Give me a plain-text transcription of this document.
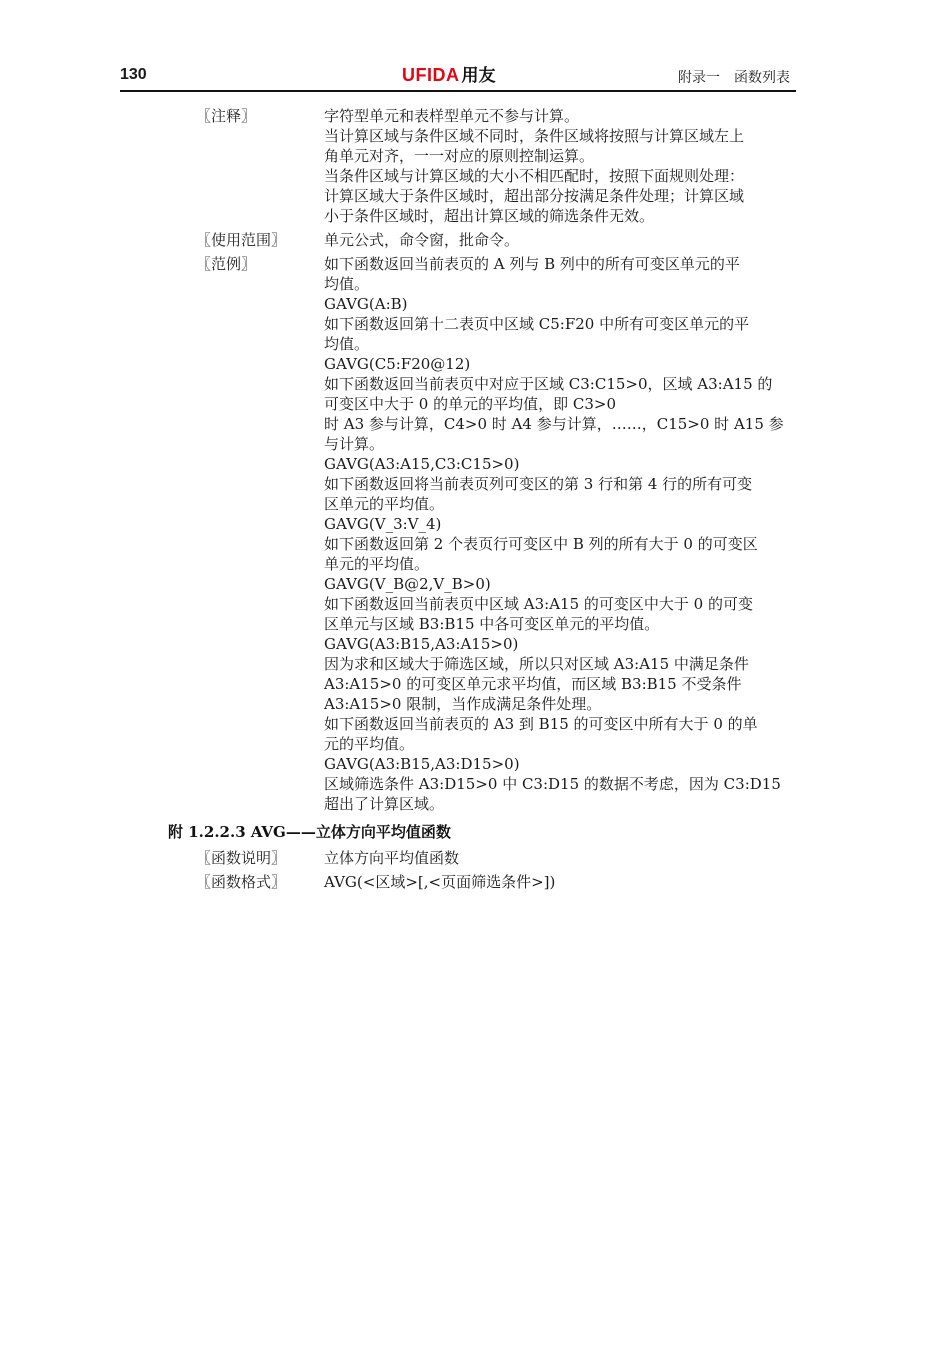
130	UFIDA 用友	附录一　函数列表
〖注释〗	字符型单元和表样型单元不参与计算。
当计算区域与条件区域不同时，条件区域将按照与计算区域左上
角单元对齐，一一对应的原则控制运算。
当条件区域与计算区域的大小不相匹配时，按照下面规则处理：
计算区域大于条件区域时，超出部分按满足条件处理；计算区域
小于条件区域时，超出计算区域的筛选条件无效。
〖使用范围〗	单元公式，命令窗，批命令。
〖范例〗	如下函数返回当前表页的 A 列与 B 列中的所有可变区单元的平
均值。
GAVG(A:B)
如下函数返回第十二表页中区域 C5:F20 中所有可变区单元的平
均值。
GAVG(C5:F20@12)
如下函数返回当前表页中对应于区域 C3:C15>0，区域 A3:A15 的
可变区中大于 0 的单元的平均值，即 C3>0
时 A3 参与计算，C4>0 时 A4 参与计算，……，C15>0 时 A15 参
与计算。
GAVG(A3:A15,C3:C15>0)
如下函数返回将当前表页列可变区的第 3 行和第 4 行的所有可变
区单元的平均值。
GAVG(V_3:V_4)
如下函数返回第 2 个表页行可变区中 B 列的所有大于 0 的可变区
单元的平均值。
GAVG(V_B@2,V_B>0)
如下函数返回当前表页中区域 A3:A15 的可变区中大于 0 的可变
区单元与区域 B3:B15 中各可变区单元的平均值。
GAVG(A3:B15,A3:A15>0)
因为求和区域大于筛选区域，所以只对区域 A3:A15 中满足条件
A3:A15>0 的可变区单元求平均值，而区域 B3:B15 不受条件
A3:A15>0 限制，当作成满足条件处理。
如下函数返回当前表页的 A3 到 B15 的可变区中所有大于 0 的单
元的平均值。
GAVG(A3:B15,A3:D15>0)
区域筛选条件 A3:D15>0 中 C3:D15 的数据不考虑，因为 C3:D15
超出了计算区域。
附 1.2.2.3 AVG——立体方向平均值函数
〖函数说明〗	立体方向平均值函数
〖函数格式〗	AVG(<区域>[,<页面筛选条件>])
